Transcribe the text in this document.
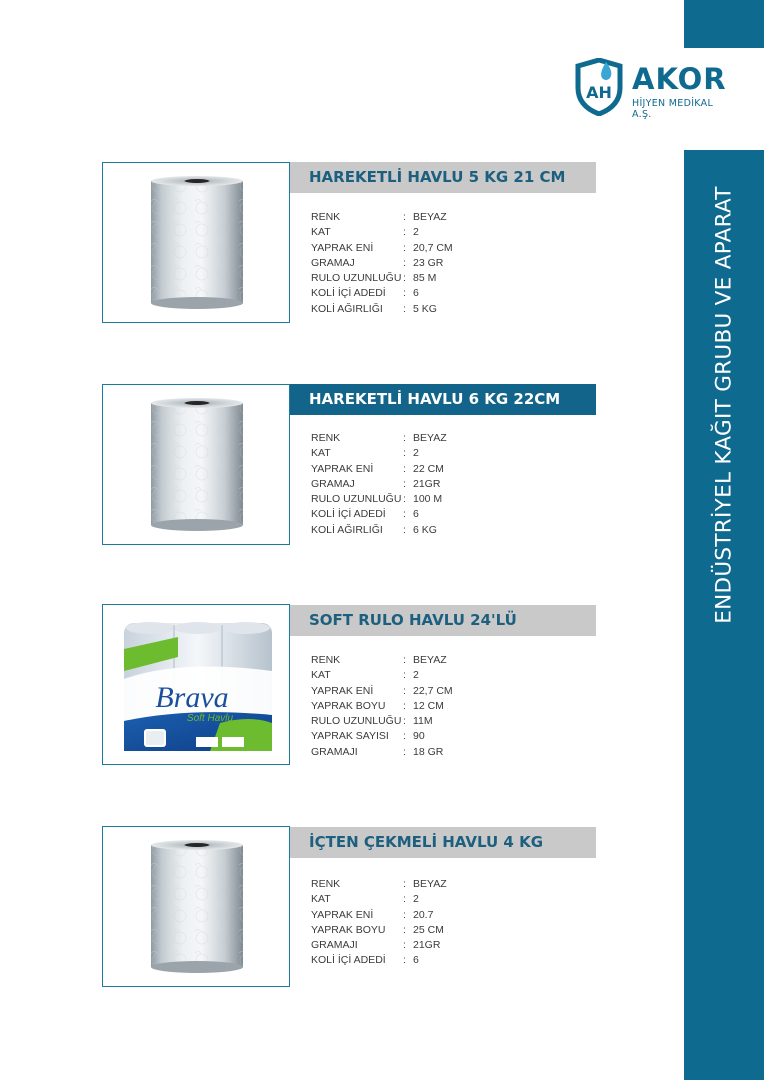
ENDÜSTRİYEL KAĞIT GRUBU VE APARAT
AH AKOR
HİJYEN MEDİKAL A.Ş.
HAREKETLİ HAVLU 5 KG 21 CM
RENK	: BEYAZ
KAT	: 2
YAPRAK ENİ	: 20,7 CM
GRAMAJ	: 23 GR
RULO UZUNLUĞU : 85 M
KOLİ İÇİ ADEDİ	: 6
KOLİ AĞIRLIĞI	: 5 KG
HAREKETLİ HAVLU 6 KG 22CM
RENK	: BEYAZ
KAT	: 2
YAPRAK ENİ	: 22 CM
GRAMAJ	: 21GR
RULO UZUNLUĞU : 100 M
KOLİ İÇİ ADEDİ	: 6
KOLİ AĞIRLIĞI	: 6 KG
Brava
Soft Havlu
SOFT RULO HAVLU 24'LÜ
RENK	: BEYAZ
KAT	: 2
YAPRAK ENİ	: 22,7 CM
YAPRAK BOYU	: 12 CM
RULO UZUNLUĞU : 11M
YAPRAK SAYISI	: 90
GRAMAJI	: 18 GR
İÇTEN ÇEKMELİ HAVLU 4 KG
RENK	: BEYAZ
KAT	: 2
YAPRAK ENİ	: 20.7
YAPRAK BOYU	: 25 CM
GRAMAJI	: 21GR
KOLİ İÇİ ADEDİ	: 6
